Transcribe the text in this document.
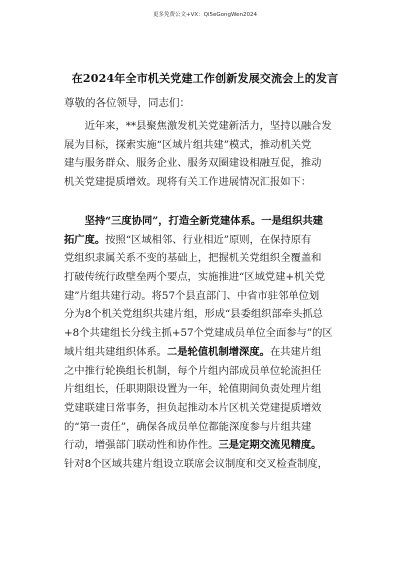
更多免费公文+VX：Qi5eGongWen2024
在2024年全市机关党建工作创新发展交流会上的发言
尊敬的各位领导，同志们：
　　近年来，**县聚焦激发机关党建新活力，坚持以融合发
展为目标，探索实施“区域片组共建”模式，推动机关党
建与服务群众、服务企业、服务双圈建设相融互促，推动
机关党建提质增效。现将有关工作进展情况汇报如下：
　　坚持“三度协同”，打造全新党建体系。一是组织共建
拓广度。按照“区域相邻、行业相近”原则，在保持原有
党组织隶属关系不变的基础上，把握机关党组织全覆盖和
打破传统行政壁垒两个要点，实施推进“区域党建+机关党
建”片组共建行动。将57个县直部门、中省市驻邻单位划
分为8个机关党组织共建片组，形成“县委组织部牵头抓总
+8个共建组长分线主抓+57个党建成员单位全面参与”的区
域片组共建组织体系。二是轮值机制增深度。在共建片组
之中推行轮换组长机制，每个片组内部成员单位轮流担任
片组组长，任职期限设置为一年，轮值期间负责处理片组
党建联建日常事务，担负起推动本片区机关党建提质增效
的“第一责任”，确保各成员单位都能深度参与片组共建
行动，增强部门联动性和协作性。三是定期交流见精度。
针对8个区域共建片组设立联席会议制度和交叉检查制度，
